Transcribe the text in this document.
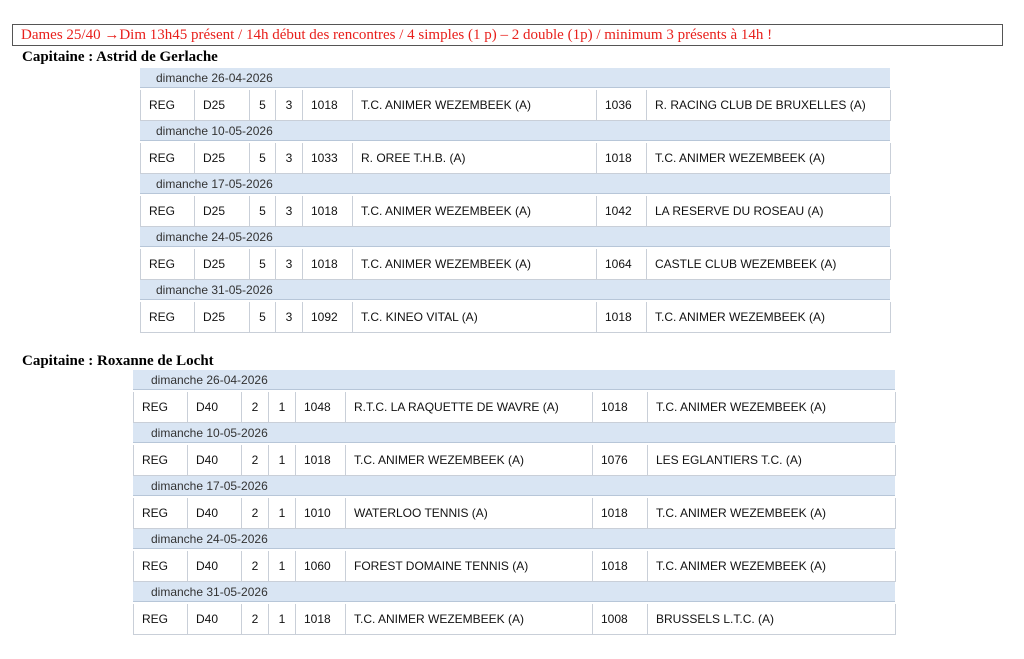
Dames 25/40 →Dim 13h45 présent / 14h début des rencontres / 4 simples (1 p) – 2 double (1p) / minimum 3 présents à 14h !
Capitaine : Astrid de Gerlache
dimanche 26-04-2026
REG	D25	5	3	1018	T.C. ANIMER WEZEMBEEK (A)	1036	R. RACING CLUB DE BRUXELLES (A)
dimanche 10-05-2026
REG	D25	5	3	1033	R. OREE T.H.B. (A)	1018	T.C. ANIMER WEZEMBEEK (A)
dimanche 17-05-2026
REG	D25	5	3	1018	T.C. ANIMER WEZEMBEEK (A)	1042	LA RESERVE DU ROSEAU (A)
dimanche 24-05-2026
REG	D25	5	3	1018	T.C. ANIMER WEZEMBEEK (A)	1064	CASTLE CLUB WEZEMBEEK (A)
dimanche 31-05-2026
REG	D25	5	3	1092	T.C. KINEO VITAL (A)	1018	T.C. ANIMER WEZEMBEEK (A)
Capitaine : Roxanne de Locht
dimanche 26-04-2026
REG	D40	2	1	1048	R.T.C. LA RAQUETTE DE WAVRE (A)	1018	T.C. ANIMER WEZEMBEEK (A)
dimanche 10-05-2026
REG	D40	2	1	1018	T.C. ANIMER WEZEMBEEK (A)	1076	LES EGLANTIERS T.C. (A)
dimanche 17-05-2026
REG	D40	2	1	1010	WATERLOO TENNIS (A)	1018	T.C. ANIMER WEZEMBEEK (A)
dimanche 24-05-2026
REG	D40	2	1	1060	FOREST DOMAINE TENNIS (A)	1018	T.C. ANIMER WEZEMBEEK (A)
dimanche 31-05-2026
REG	D40	2	1	1018	T.C. ANIMER WEZEMBEEK (A)	1008	BRUSSELS L.T.C. (A)
